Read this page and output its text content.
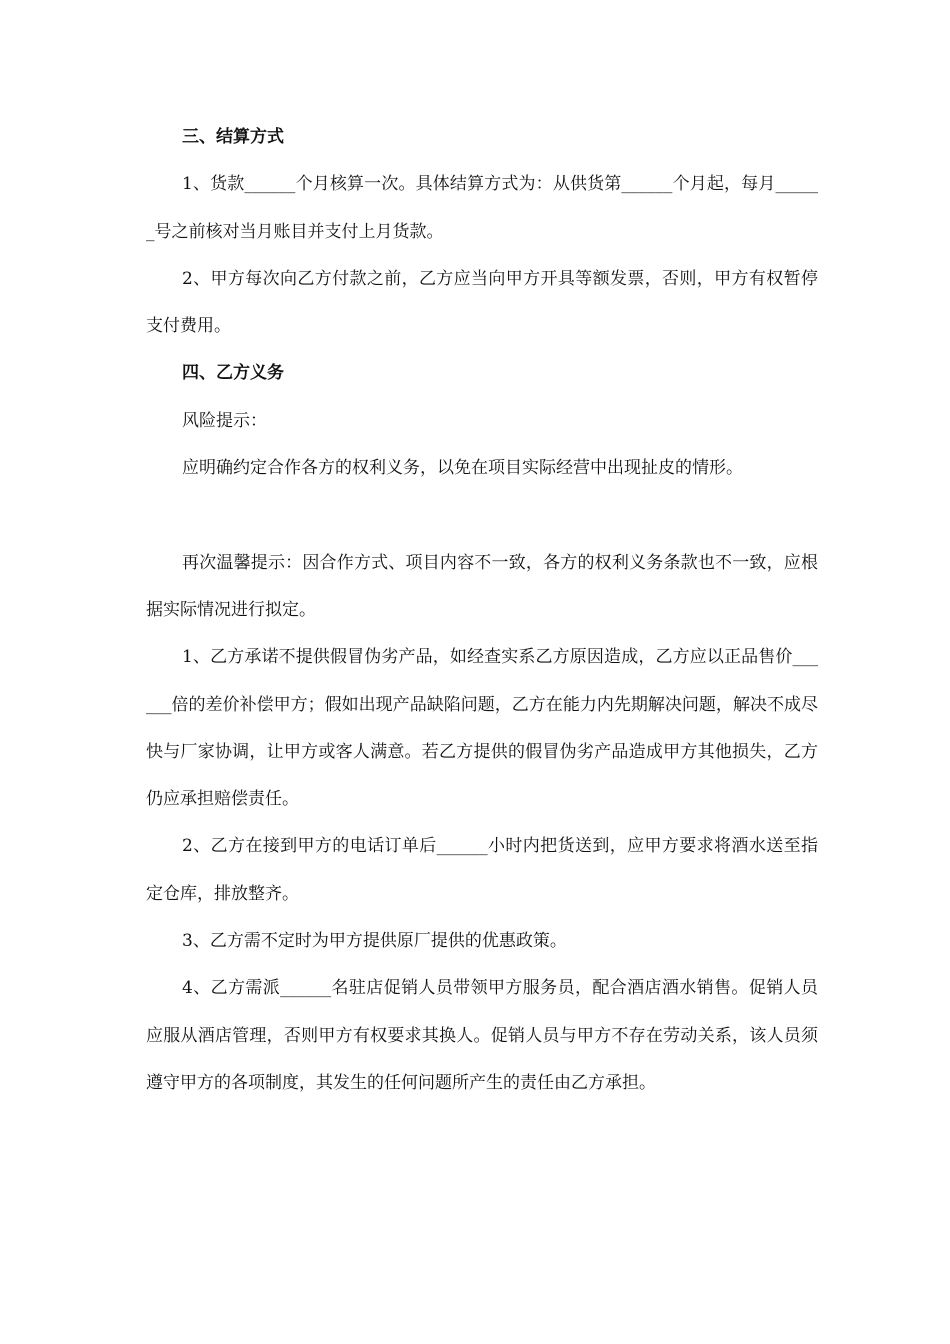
三、结算方式

1、货款______个月核算一次。具体结算方式为：从供货第______个月起，每月______号之前核对当月账目并支付上月货款。

2、甲方每次向乙方付款之前，乙方应当向甲方开具等额发票，否则，甲方有权暂停支付费用。

四、乙方义务

风险提示：

应明确约定合作各方的权利义务，以免在项目实际经营中出现扯皮的情形。

再次温馨提示：因合作方式、项目内容不一致，各方的权利义务条款也不一致，应根据实际情况进行拟定。

1、乙方承诺不提供假冒伪劣产品，如经查实系乙方原因造成，乙方应以正品售价______倍的差价补偿甲方；假如出现产品缺陷问题，乙方在能力内先期解决问题，解决不成尽快与厂家协调，让甲方或客人满意。若乙方提供的假冒伪劣产品造成甲方其他损失，乙方仍应承担赔偿责任。

2、乙方在接到甲方的电话订单后______小时内把货送到，应甲方要求将酒水送至指定仓库，排放整齐。

3、乙方需不定时为甲方提供原厂提供的优惠政策。

4、乙方需派______名驻店促销人员带领甲方服务员，配合酒店酒水销售。促销人员应服从酒店管理，否则甲方有权要求其换人。促销人员与甲方不存在劳动关系，该人员须遵守甲方的各项制度，其发生的任何问题所产生的责任由乙方承担。
